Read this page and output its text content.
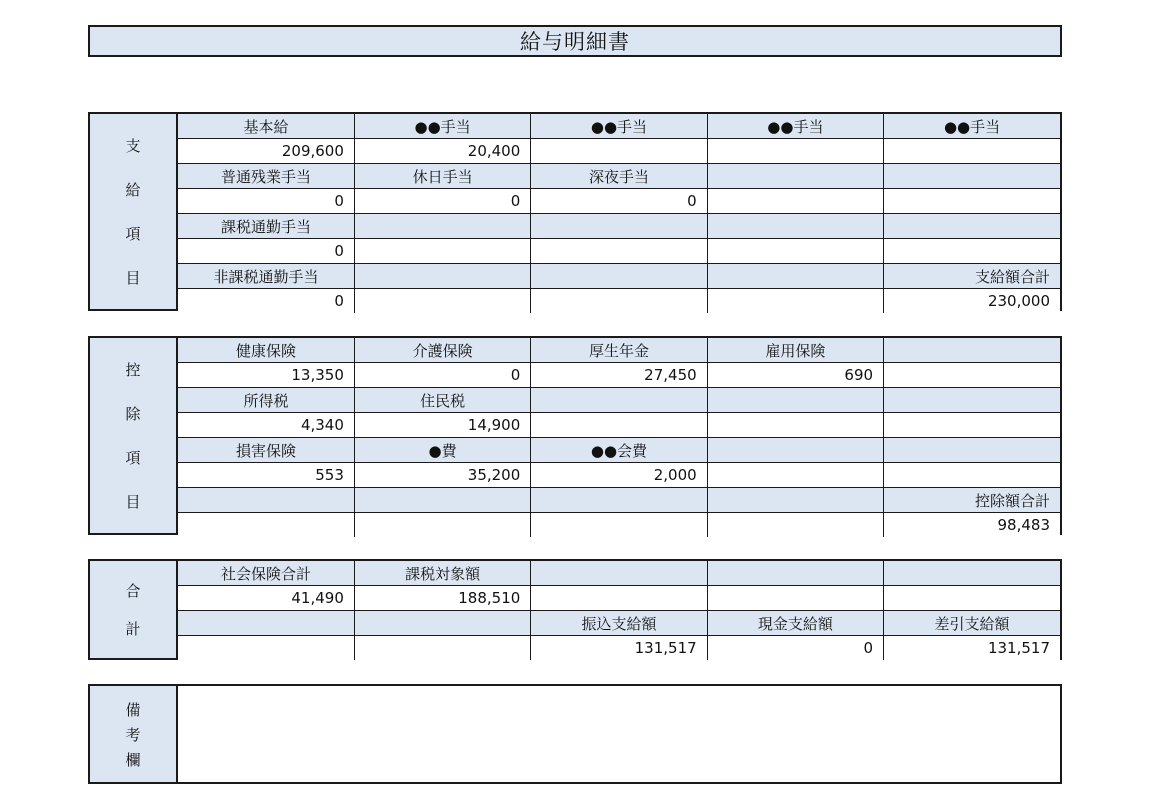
給与明細書
支
給
項
目
基本給	●●手当	●●手当	●●手当	●●手当
209,600	20,400			
普通残業手当	休日手当	深夜手当		
0	0	0		
課税通勤手当				
0				
非課税通勤手当				支給額合計
0				230,000
控
除
項
目
健康保険	介護保険	厚生年金	雇用保険	
13,350	0	27,450	690	
所得税	住民税			
4,340	14,900			
損害保険	●費	●●会費		
553	35,200	2,000		
				控除額合計
				98,483
合
計
社会保険合計	課税対象額			
41,490	188,510			
		振込支給額	現金支給額	差引支給額
		131,517	0	131,517
備
考
欄
